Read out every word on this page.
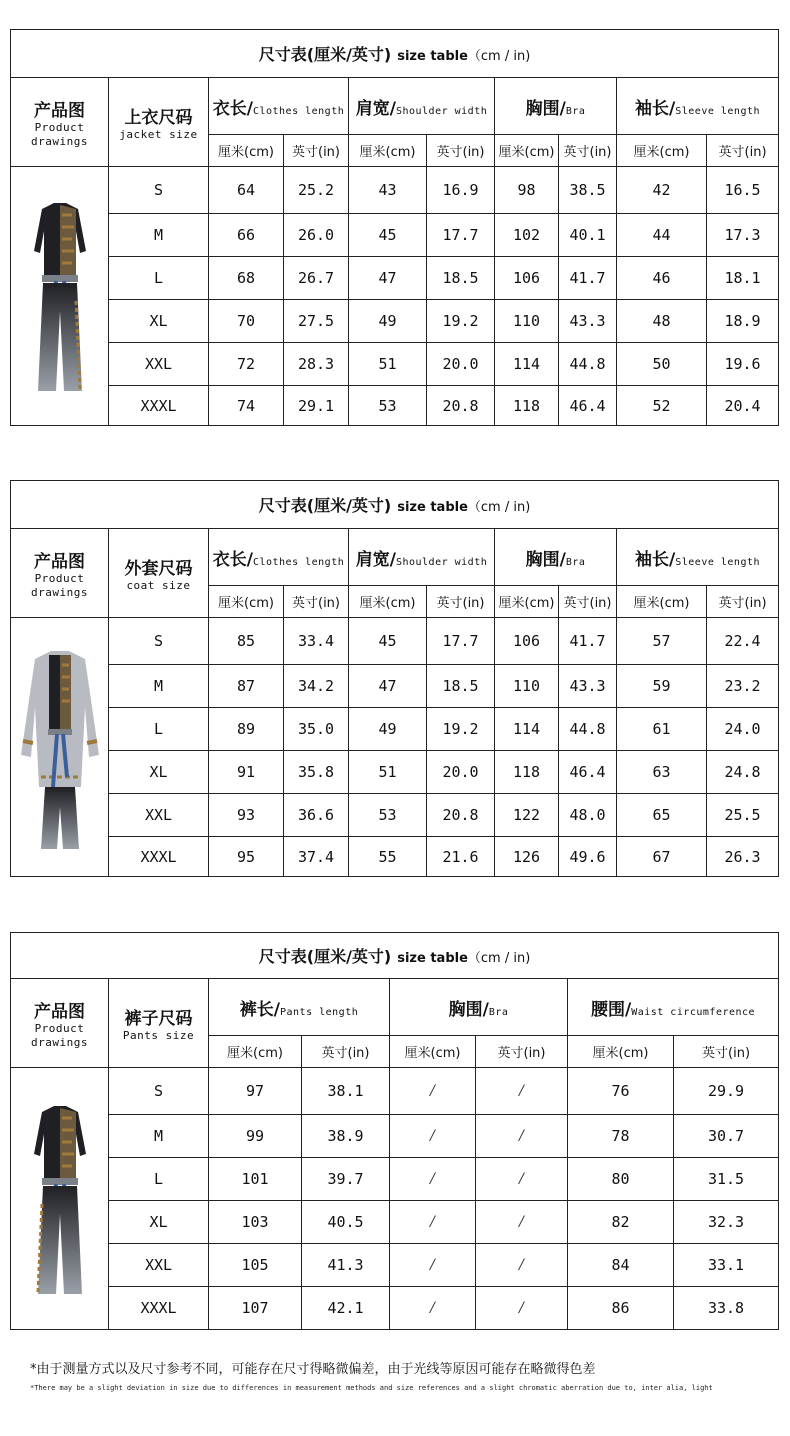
尺寸表(厘米/英寸) size table（cm / in)									

产品图
Product
drawings	上衣尺码
jacket size	衣长/Clothes length		肩宽/Shoulder width		胸围/Bra		袖长/Sleeve length	
		厘米(cm)	英寸(in)	厘米(cm)	英寸(in)	厘米(cm)	英寸(in)	厘米(cm)	英寸(in)

	S	64	25.2	43	16.9	98	38.5	42	16.5
	M	66	26.0	45	17.7	102	40.1	44	17.3
	L	68	26.7	47	18.5	106	41.7	46	18.1
	XL	70	27.5	49	19.2	110	43.3	48	18.9
	XXL	72	28.3	51	20.0	114	44.8	50	19.6
	XXXL	74	29.1	53	20.8	118	46.4	52	20.4
尺寸表(厘米/英寸) size table（cm / in)									

产品图
Product
drawings	外套尺码
coat size	衣长/Clothes length		肩宽/Shoulder width		胸围/Bra		袖长/Sleeve length	
		厘米(cm)	英寸(in)	厘米(cm)	英寸(in)	厘米(cm)	英寸(in)	厘米(cm)	英寸(in)

	S	85	33.4	45	17.7	106	41.7	57	22.4
	M	87	34.2	47	18.5	110	43.3	59	23.2
	L	89	35.0	49	19.2	114	44.8	61	24.0
	XL	91	35.8	51	20.0	118	46.4	63	24.8
	XXL	93	36.6	53	20.8	122	48.0	65	25.5
	XXXL	95	37.4	55	21.6	126	49.6	67	26.3
尺寸表(厘米/英寸) size table（cm / in)							

产品图
Product
drawings	裤子尺码
Pants size	裤长/Pants length		胸围/Bra		腰围/Waist circumference	
		厘米(cm)	英寸(in)	厘米(cm)	英寸(in)	厘米(cm)	英寸(in)

	S	97	38.1	/	/	76	29.9
	M	99	38.9	/	/	78	30.7
	L	101	39.7	/	/	80	31.5
	XL	103	40.5	/	/	82	32.3
	XXL	105	41.3	/	/	84	33.1
	XXXL	107	42.1	/	/	86	33.8
*由于测量方式以及尺寸参考不同，可能存在尺寸得略微偏差，由于光线等原因可能存在略微得色差
*There may be a slight deviation in size due to differences in measurement methods and size references and a slight chromatic aberration due to, inter alia, light
